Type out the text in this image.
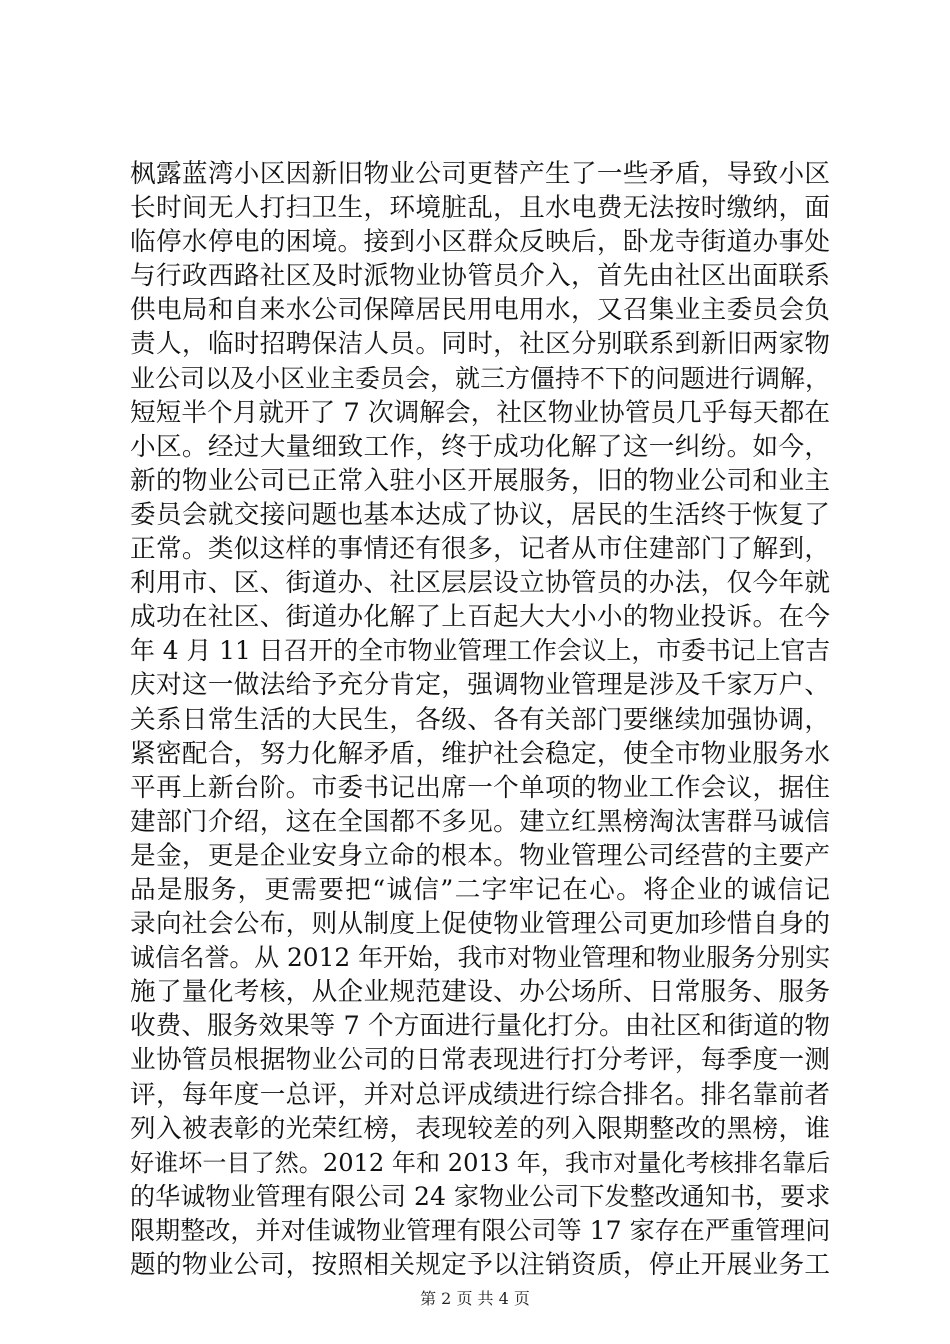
枫露蓝湾小区因新旧物业公司更替产生了一些矛盾，导致小区
长时间无人打扫卫生，环境脏乱，且水电费无法按时缴纳，面
临停水停电的困境。接到小区群众反映后，卧龙寺街道办事处
与行政西路社区及时派物业协管员介入，首先由社区出面联系
供电局和自来水公司保障居民用电用水，又召集业主委员会负
责人，临时招聘保洁人员。同时，社区分别联系到新旧两家物
业公司以及小区业主委员会，就三方僵持不下的问题进行调解，
短短半个月就开了 7 次调解会，社区物业协管员几乎每天都在
小区。经过大量细致工作，终于成功化解了这一纠纷。如今，
新的物业公司已正常入驻小区开展服务，旧的物业公司和业主
委员会就交接问题也基本达成了协议，居民的生活终于恢复了
正常。类似这样的事情还有很多，记者从市住建部门了解到，
利用市、区、街道办、社区层层设立协管员的办法，仅今年就
成功在社区、街道办化解了上百起大大小小的物业投诉。在今
年 4 月 11 日召开的全市物业管理工作会议上，市委书记上官吉
庆对这一做法给予充分肯定，强调物业管理是涉及千家万户、
关系日常生活的大民生，各级、各有关部门要继续加强协调，
紧密配合，努力化解矛盾，维护社会稳定，使全市物业服务水
平再上新台阶。市委书记出席一个单项的物业工作会议，据住
建部门介绍，这在全国都不多见。建立红黑榜淘汰害群马诚信
是金，更是企业安身立命的根本。物业管理公司经营的主要产
品是服务，更需要把“诚信”二字牢记在心。将企业的诚信记
录向社会公布，则从制度上促使物业管理公司更加珍惜自身的
诚信名誉。从 2012 年开始，我市对物业管理和物业服务分别实
施了量化考核，从企业规范建设、办公场所、日常服务、服务
收费、服务效果等 7 个方面进行量化打分。由社区和街道的物
业协管员根据物业公司的日常表现进行打分考评，每季度一测
评，每年度一总评，并对总评成绩进行综合排名。排名靠前者
列入被表彰的光荣红榜，表现较差的列入限期整改的黑榜，谁
好谁坏一目了然。2012 年和 2013 年，我市对量化考核排名靠后
的华诚物业管理有限公司 24 家物业公司下发整改通知书，要求
限期整改，并对佳诚物业管理有限公司等 17 家存在严重管理问
题的物业公司，按照相关规定予以注销资质，停止开展业务工
第 2 页 共 4 页
